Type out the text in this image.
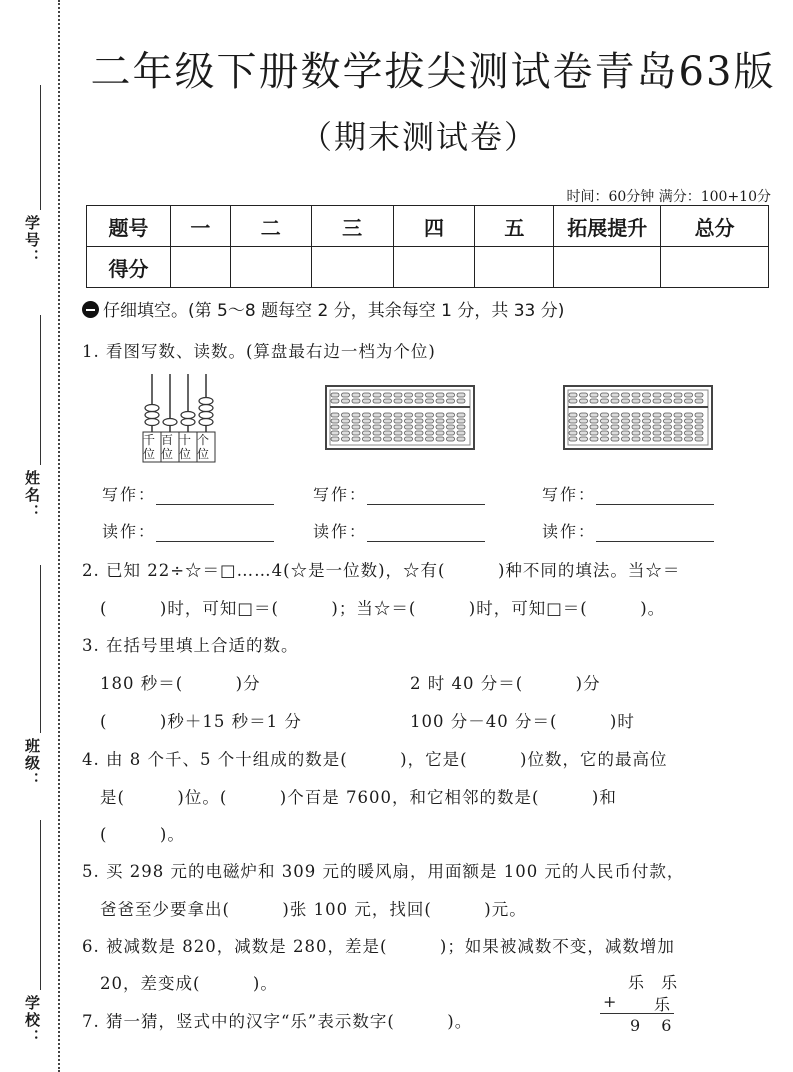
学号：
姓名：
班级：
学校：
二年级下册数学拔尖测试卷青岛63版
（期末测试卷）
时间：60分钟 满分：100+10分
题号	一	二	三	四	五	拓展提升	总分
得分							
仔细填空。(第 5～8 题每空 2 分，其余每空 1 分，共 33 分)
1. 看图写数、读数。(算盘最右边一档为个位)
千
位
百
位
十
位
个
位
写作：	写作：	写作：
读作：	读作：	读作：
2. 已知 22÷☆＝□……4(☆是一位数)，☆有(　　　)种不同的填法。当☆＝
(　　　)时，可知□＝(　　　)；当☆＝(　　　)时，可知□＝(　　　)。
3. 在括号里填上合适的数。
180 秒＝(　　　)分	2 时 40 分＝(　　　)分
(　　　)秒＋15 秒＝1 分	100 分－40 分＝(　　　)时
4. 由 8 个千、5 个十组成的数是(　　　)，它是(　　　)位数，它的最高位
是(　　　)位。(　　　)个百是 7600，和它相邻的数是(　　　)和
(　　　)。
5. 买 298 元的电磁炉和 309 元的暖风扇，用面额是 100 元的人民币付款，
爸爸至少要拿出(　　　)张 100 元，找回(　　　)元。
6. 被减数是 820，减数是 280，差是(　　　)；如果被减数不变，减数增加
20，差变成(　　　)。
7. 猜一猜，竖式中的汉字“乐”表示数字(　　　)。
乐 乐
+ 乐
9 6
